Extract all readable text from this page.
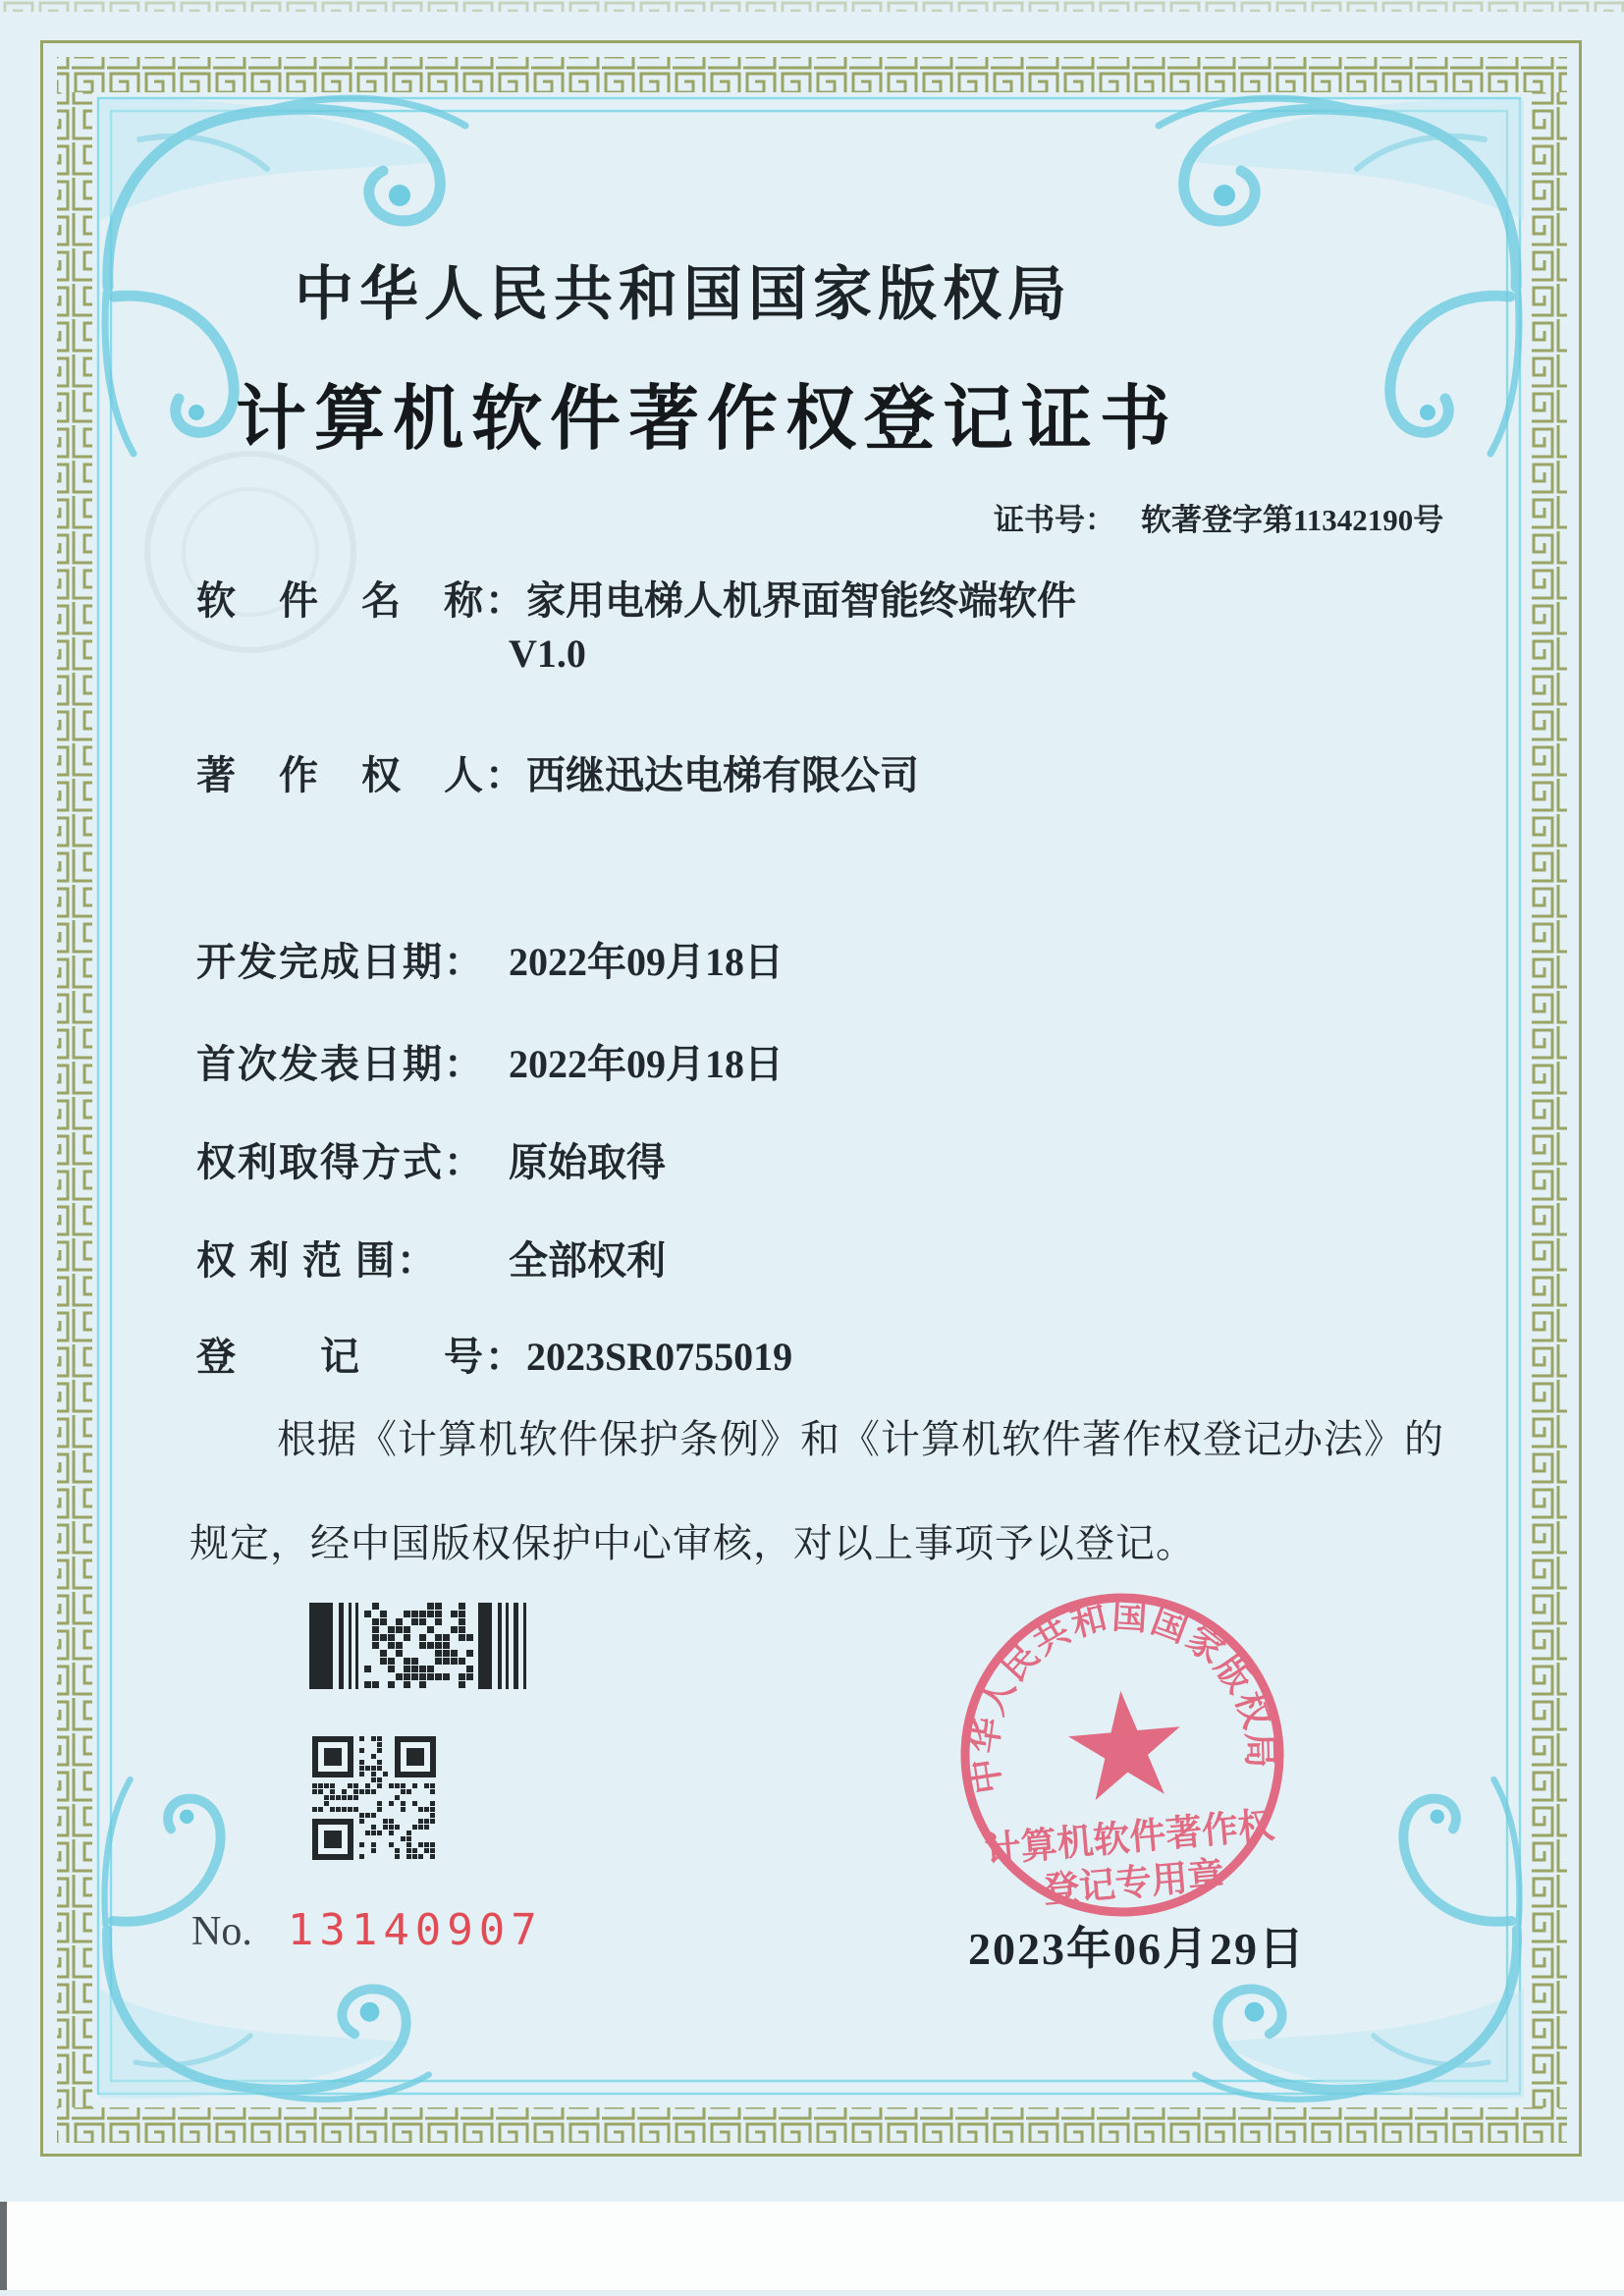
中华人民共和国国家版权局
计算机软件著作权
登记专用章
中华人民共和国国家版权局
计算机软件著作权登记证书
证书号： 软著登字第11342190号
软　件　名　称：家用电梯人机界面智能终端软件
V1.0
著　作　权　人：西继迅达电梯有限公司
开发完成日期： 2022年09月18日
首次发表日期： 2022年09月18日
权利取得方式： 原始取得
权 利 范 围： 全部权利
登　　记　　号：2023SR0755019
根据《计算机软件保护条例》和《计算机软件著作权登记办法》的
规定，经中国版权保护中心审核，对以上事项予以登记。
No. 13140907	2023年06月29日
